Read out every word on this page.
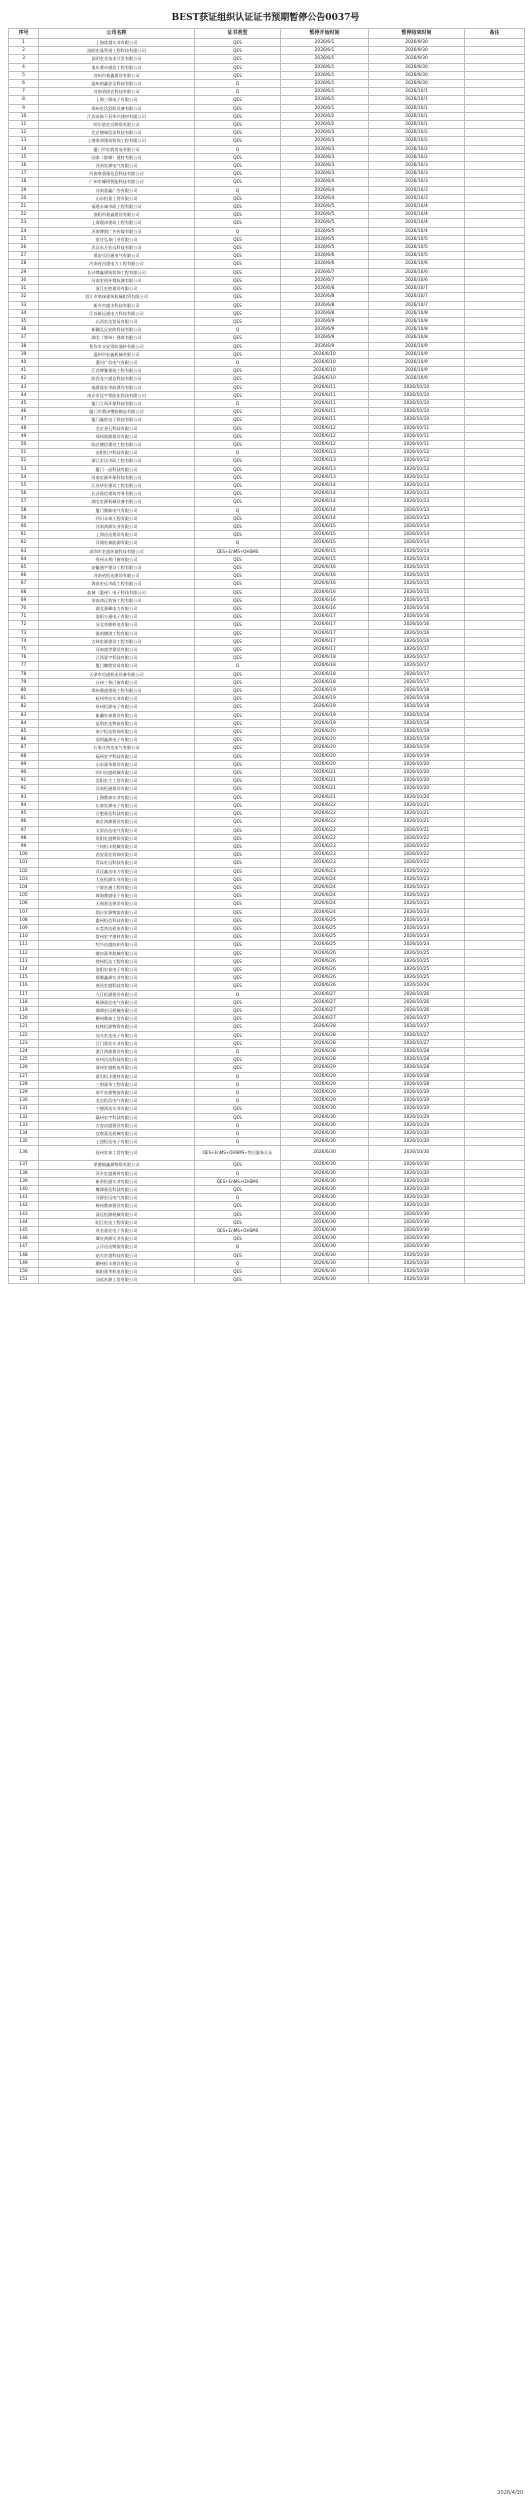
BEST获证组织认证证书预期暂停公告0037号
序号	公司名称	证书类型	暂停开始时间	暂停结束时间	备注
1	上海欣越实业有限公司	QES	2026/6/1	2026/9/30	
2	洛阳宏晶管道工程科技有限公司	QES	2026/6/1	2026/9/30	
3	昆明农业技术开发有限公司	QES	2026/6/1	2026/9/30	
4	重庆勇卓通信工程有限公司	QES	2026/6/1	2026/9/30	
5	苏州市豪鑫建设有限公司	QES	2026/6/1	2026/9/30	
6	温州南鑫安全科技有限公司	Q	2026/6/1	2026/9/30	
7	河南省创农科技有限公司	Q	2026/6/1	2026/10/1	
8	上海三锋电子有限公司	QES	2026/6/1	2026/10/1	
9	郑州宏达消防设备有限公司	QES	2026/6/1	2026/10/1	
10	江西省新干县华兴建材有限公司	QES	2026/6/2	2026/10/1	
11	哈尔滨宏远物资有限公司	QES	2026/6/2	2026/10/1	
12	北京德瑞信达科技有限公司	QES	2026/6/3	2026/10/2	
13	上海豪邦建筑装饰工程有限公司	QES	2026/6/3	2026/10/2	
14	厦门市宏润贸易有限公司	Q	2026/6/3	2026/10/2	
15	国泰（邯郸）建材有限公司	QES	2026/6/3	2026/10/2	
16	河南宏源电气有限公司	QES	2026/6/3	2026/10/3	
17	河南豪嘉隆信息科技有限公司	QES	2026/6/3	2026/10/3	
18	广州市耀明智能科技有限公司	QES	2026/6/4	2026/10/3	
19	河南嘉鑫广告有限公司	Q	2026/6/4	2026/10/3	
20	山东恒嘉工贸有限公司	QES	2026/6/4	2026/10/3	
21	福建永诚市政工程有限公司	QES	2026/6/5	2026/10/4	
22	洛阳市豪鑫建设有限公司	QES	2026/6/5	2026/10/4	
23	上海璟泽建筑工程有限公司	QES	2026/6/5	2026/10/4	
24	河南博奥广告传媒有限公司	Q	2026/6/5	2026/10/4	
25	宿迁弘泰门业有限公司	QES	2026/6/5	2026/10/5	
26	武汉东方宏远科技有限公司	QES	2026/6/5	2026/10/5	
27	淮安乐民通电气有限公司	QES	2026/6/6	2026/10/5	
28	河南省昌盛电力工程有限公司	QES	2026/6/6	2026/10/6	
29	长沙博鑫建筑装饰工程有限公司	QES	2026/6/7	2026/10/6	
30	河南宏创环境检测有限公司	QES	2026/6/7	2026/10/6	
31	浙江宏胜建设有限公司	QES	2026/6/8	2026/10/7	
32	晋江市豪扬建筑机械租赁有限公司	QES	2026/6/8	2026/10/7	
33	新乡市盛丰科技有限公司	QES	2026/6/8	2026/10/7	
34	江苏新运通电力科技有限公司	QES	2026/6/8	2026/10/8	
35	山西宏达贸易有限公司	QES	2026/6/9	2026/10/8	
36	新疆弘远安防科技有限公司	Q	2026/6/9	2026/10/8	
37	湖北（鄂州）建筑有限公司	QES	2026/6/9	2026/10/8	
38	焦作市永安消防器材有限公司	QES	2026/6/9	2026/10/9	
39	温州市宏鑫机械有限公司	QES	2026/6/10	2026/10/9	
40	漯河广信电气有限公司	Q	2026/6/10	2026/10/9	
41	江西博雅建筑工程有限公司	QES	2026/6/10	2026/10/9	
42	陕西龙兴通信科技有限公司	QES	2026/6/10	2026/10/9	
43	福建嘉宏市政建设有限公司	QES	2026/6/11	2026/10/10	
44	南京市昆宇智能化科技有限公司	QES	2026/6/11	2026/10/10	
45	厦门立尚环保科技有限公司	Q	2026/6/11	2026/10/10	
46	厦门市鼎泽塑胶制品有限公司	QES	2026/6/11	2026/10/10	
47	厦门鑫宸电子科技有限公司	QES	2026/6/11	2026/10/10	
48	北京金石科技有限公司	QES	2026/6/12	2026/10/11	
49	郑州润源建设有限公司	QES	2026/6/12	2026/10/11	
50	临沂德信建设工程有限公司	QES	2026/6/12	2026/10/11	
51	安阳恒兴科技有限公司	Q	2026/6/13	2026/10/12	
52	浙江宏达市政工程有限公司	QES	2026/6/13	2026/10/12	
53	厦门一品科技有限公司	QES	2026/6/13	2026/10/12	
54	河南宏源环保科技有限公司	QES	2026/6/13	2026/10/12	
55	江苏华宏建设工程有限公司	QES	2026/6/14	2026/10/13	
56	长沙嘉信建筑劳务有限公司	QES	2026/6/14	2026/10/13	
57	湖北宏源机械设备有限公司	QES	2026/6/14	2026/10/13	
58	厦门鼎新电气有限公司	Q	2026/6/14	2026/10/13	
59	四川永泰工程有限公司	QES	2026/6/14	2026/10/13	
60	河南鸿源实业有限公司	QES	2026/6/15	2026/10/14	
61	上海昌达建设有限公司	QES	2026/6/15	2026/10/14	
62	洋浦宏森能源有限公司	Q	2026/6/15	2026/10/14	
63	深圳市宏盛环境科技有限公司	QES+EnMS+OHSMS	2026/6/15	2026/10/14	
64	贵州永利门窗有限公司	QES	2026/6/15	2026/10/14	
65	安徽通宇建设工程有限公司	QES	2026/6/16	2026/10/15	
66	河南省恒达建设有限公司	QES	2026/6/16	2026/10/15	
67	海南宏远市政工程有限公司	QES	2026/6/16	2026/10/15	
68	盐城（惠州）电子科技有限公司	QES	2026/6/16	2026/10/15	
69	济南鸿运装饰工程有限公司	QES	2026/6/16	2026/10/15	
70	湖北嘉峰电力有限公司	QES	2026/6/16	2026/10/16	
71	洛阳万通电子有限公司	QES	2026/6/17	2026/10/16	
72	河北华鼎机电有限公司	QES	2026/6/17	2026/10/16	
73	淮南德创工程有限公司	QES	2026/6/17	2026/10/16	
74	吉林宏源建设工程有限公司	QES	2026/6/17	2026/10/16	
75	河南盛世建设有限公司	QES	2026/6/17	2026/10/17	
76	江西嘉宇科技有限公司	QES	2026/6/18	2026/10/17	
77	厦门鹏程贸易有限公司	Q	2026/6/18	2026/10/17	
78	天津市昌盛机电设备有限公司	QES	2026/6/18	2026/10/17	
79	台州三和门窗有限公司	QES	2026/6/18	2026/10/17	
80	郑州鼎盛建筑工程有限公司	QES	2026/6/19	2026/10/18	
81	杭州华宏实业有限公司	QES	2026/6/19	2026/10/18	
82	泉州恒源电子有限公司	QES	2026/6/19	2026/10/18	
83	新疆宏泰建设有限公司	QES	2026/6/19	2026/10/18	
84	昆明宏达物流有限公司	QES	2026/6/19	2026/10/18	
85	南宁恒达装饰有限公司	QES	2026/6/20	2026/10/19	
86	深圳鑫源电子有限公司	QES	2026/6/20	2026/10/19	
87	石家庄鸿达电气有限公司	QES	2026/6/20	2026/10/19	
88	福州宏宇科技有限公司	QES	2026/6/20	2026/10/19	
89	山东嘉华建设有限公司	QES	2026/6/20	2026/10/20	
90	四川昌盛机械有限公司	QES	2026/6/21	2026/10/20	
91	沈阳宏大工贸有限公司	QES	2026/6/21	2026/10/20	
92	河南恒通建设有限公司	QES	2026/6/21	2026/10/20	
93	上海鼎泰实业有限公司	QES	2026/6/21	2026/10/20	
94	长春宏源电子有限公司	QES	2026/6/22	2026/10/21	
95	合肥嘉信科技有限公司	QES	2026/6/22	2026/10/21	
96	南京鸿源建设有限公司	QES	2026/6/22	2026/10/21	
97	太原昌达电气有限公司	QES	2026/6/22	2026/10/21	
98	贵阳宏盛物资有限公司	QES	2026/6/22	2026/10/22	
99	兰州恒丰机械有限公司	QES	2026/6/23	2026/10/22	
100	西安嘉宏装饰有限公司	QES	2026/6/23	2026/10/22	
101	青岛宏远科技有限公司	QES	2026/6/23	2026/10/22	
102	武汉鑫达电力有限公司	QES	2026/6/23	2026/10/22	
103	大连恒源实业有限公司	QES	2026/6/24	2026/10/23	
104	宁波宏通工程有限公司	QES	2026/6/24	2026/10/23	
105	珠海鼎盛电子有限公司	QES	2026/6/24	2026/10/23	
106	无锡嘉达建设有限公司	QES	2026/6/24	2026/10/23	
107	烟台宏源物流有限公司	QES	2026/6/24	2026/10/24	
108	惠州恒信科技有限公司	QES	2026/6/25	2026/10/24	
109	东莞鸿达机电有限公司	QES	2026/6/25	2026/10/24	
110	常州宏宇建材有限公司	QES	2026/6/25	2026/10/24	
111	绍兴昌盛纺织有限公司	QES	2026/6/25	2026/10/24	
112	潍坊嘉华机械有限公司	QES	2026/6/26	2026/10/25	
113	徐州恒达工程有限公司	QES	2026/6/26	2026/10/25	
114	洛阳宏泰电子有限公司	QES	2026/6/26	2026/10/25	
115	邯郸鑫源实业有限公司	QES	2026/6/26	2026/10/25	
116	南昌宏盛科技有限公司	QES	2026/6/26	2026/10/26	
117	九江恒通建设有限公司	Q	2026/6/27	2026/10/26	
118	株洲嘉信电气有限公司	QES	2026/6/27	2026/10/26	
119	湘潭宏远机械有限公司	QES	2026/6/27	2026/10/26	
120	柳州鼎泰工贸有限公司	QES	2026/6/27	2026/10/27	
121	桂林恒源物资有限公司	QES	2026/6/28	2026/10/27	
122	汕头宏达电子有限公司	QES	2026/6/28	2026/10/27	
123	江门嘉宏实业有限公司	QES	2026/6/28	2026/10/27	
124	湛江鸿源建设有限公司	Q	2026/6/28	2026/10/28	
125	泉州昌达科技有限公司	QES	2026/6/28	2026/10/28	
126	漳州宏盛机电有限公司	QES	2026/6/29	2026/10/28	
127	莆田恒丰建材有限公司	Q	2026/6/29	2026/10/28	
128	三明嘉华工程有限公司	Q	2026/6/29	2026/10/28	
129	南平宏源物流有限公司	Q	2026/6/29	2026/10/29	
130	龙岩恒信电气有限公司	Q	2026/6/29	2026/10/29	
131	宁德鸿达实业有限公司	QES	2026/6/30	2026/10/29	
132	赣州宏宇科技有限公司	QES	2026/6/30	2026/10/29	
133	吉安昌盛建设有限公司	Q	2026/6/30	2026/10/29	
134	宜春嘉达机械有限公司	Q	2026/6/30	2026/10/30	
135	上饶恒达电子有限公司	Q	2026/6/30	2026/10/30	
136	抚州宏泰工贸有限公司	QES+EnMS+OHSMS+售后服务认证	2026/6/30	2026/10/30	
137	景德镇鑫源物资有限公司	QES	2026/6/30	2026/10/30	
138	萍乡宏盛建材有限公司	Q	2026/6/30	2026/10/30	
139	新余恒通实业有限公司	QES+EnMS+OHSMS	2026/6/30	2026/10/30	
140	鹰潭嘉信科技有限公司	QES	2026/6/30	2026/10/30	
141	河源宏远电气有限公司	Q	2026/6/30	2026/10/30	
142	梅州鼎泰建设有限公司	QES	2026/6/30	2026/10/30	
143	清远恒源机械有限公司	QES	2026/6/30	2026/10/30	
144	阳江宏达工程有限公司	QES	2026/6/30	2026/10/30	
145	茂名嘉宏电子有限公司	QES+EnMS+OHSMS	2026/6/30	2026/10/30	
146	肇庆鸿源实业有限公司	QES	2026/6/30	2026/10/30	
147	云浮昌达物流有限公司	Q	2026/6/30	2026/10/30	
148	韶关宏盛科技有限公司	QES	2026/6/30	2026/10/30	
149	潮州恒丰建设有限公司	Q	2026/6/30	2026/10/30	
150	揭阳嘉华机电有限公司	QES	2026/6/30	2026/10/30	
151	汕尾宏源工贸有限公司	QES	2026/6/30	2026/10/30	
2026/4/30
